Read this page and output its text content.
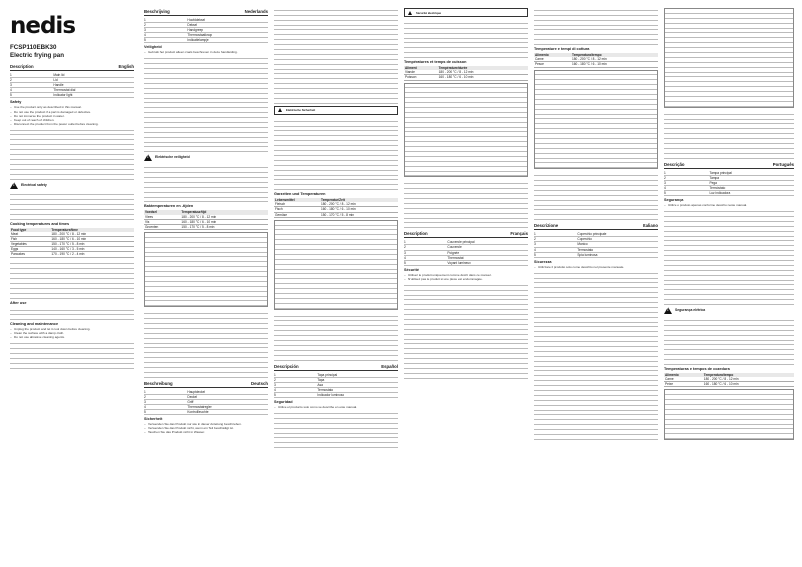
nedis
FCSP110EBK30
Electric frying pan
Description	English
1	Main lid
2	Lid
3	Handle
4	Thermostat dial
5	Indicator light
Safety
– Use the product only as described in this manual.
– Do not use the product if a part is damaged or defective.
– Do not immerse the product in water.
– Keep out of reach of children.
– Disconnect the product from the power outlet before cleaning.
!
Electrical safety
Cooking temperatures and times
Food type	Temperature/time
Meat	180 - 200 °C / 8 - 12 min
Fish	160 - 180 °C / 6 - 10 min
Vegetables	150 - 170 °C / 5 - 8 min
Eggs	140 - 160 °C / 3 - 5 min
Pancakes	170 - 190 °C / 2 - 4 min
After use
Cleaning and maintenance
– Unplug the product and let it cool down before cleaning.
– Clean the surface with a damp cloth.
– Do not use abrasive cleaning agents.
Beschrijving	Nederlands
1	Hoofddeksel
2	Deksel
3	Handgreep
4	Thermostaatknop
5	Indicatielampje
Veiligheid
– Gebruik het product alleen zoals beschreven in deze handleiding.
!
Elektrische veiligheid
Baktemperaturen en -tijden
Voedsel	Temperatuur/tijd
Vlees	180 - 200 °C / 8 - 12 min
Vis	160 - 180 °C / 6 - 10 min
Groenten	150 - 170 °C / 5 - 8 min
Beschreibung	Deutsch
1	Hauptdeckel
2	Deckel
3	Griff
4	Thermostatregler
5	Kontrollleuchte
Sicherheit
– Verwenden Sie das Produkt nur wie in dieser Anleitung beschrieben.
– Verwenden Sie das Produkt nicht, wenn ein Teil beschädigt ist.
– Tauchen Sie das Produkt nicht in Wasser.
Elektrische Sicherheit
Garzeiten und Temperaturen
Lebensmittel	Temperatur/Zeit
Fleisch	180 - 200 °C / 8 - 12 min
Fisch	160 - 180 °C / 6 - 10 min
Gemüse	150 - 170 °C / 5 - 8 min
Descripción	Español
1	Tapa principal
2	Tapa
3	Asa
4	Termostato
5	Indicador luminoso
Seguridad
– Utilice el producto solo como se describe en este manual.
Sécurité électrique
Températures et temps de cuisson
Aliment	Température/durée
Viande	180 - 200 °C / 8 - 12 min
Poisson	160 - 180 °C / 6 - 10 min
Description	Français
1	Couvercle principal
2	Couvercle
3	Poignée
4	Thermostat
5	Voyant lumineux
Sécurité
– Utilisez le produit uniquement comme décrit dans ce manuel.
– N'utilisez pas le produit si une pièce est endommagée.
Temperature e tempi di cottura
Alimento	Temperatura/tempo
Carne	180 - 200 °C / 8 - 12 min
Pesce	160 - 180 °C / 6 - 10 min
Descrizione	Italiano
1	Coperchio principale
2	Coperchio
3	Manico
4	Termostato
5	Spia luminosa
Sicurezza
– Utilizzare il prodotto solo come descritto nel presente manuale.
Descrição	Português
1	Tampa principal
2	Tampa
3	Pega
4	Termóstato
5	Luz indicadora
Segurança
– Utilize o produto apenas conforme descrito neste manual.
!
Segurança elétrica
Temperaturas e tempos de cozedura
Alimento	Temperatura/tempo
Carne	180 - 200 °C / 8 - 12 min
Peixe	160 - 180 °C / 6 - 10 min
